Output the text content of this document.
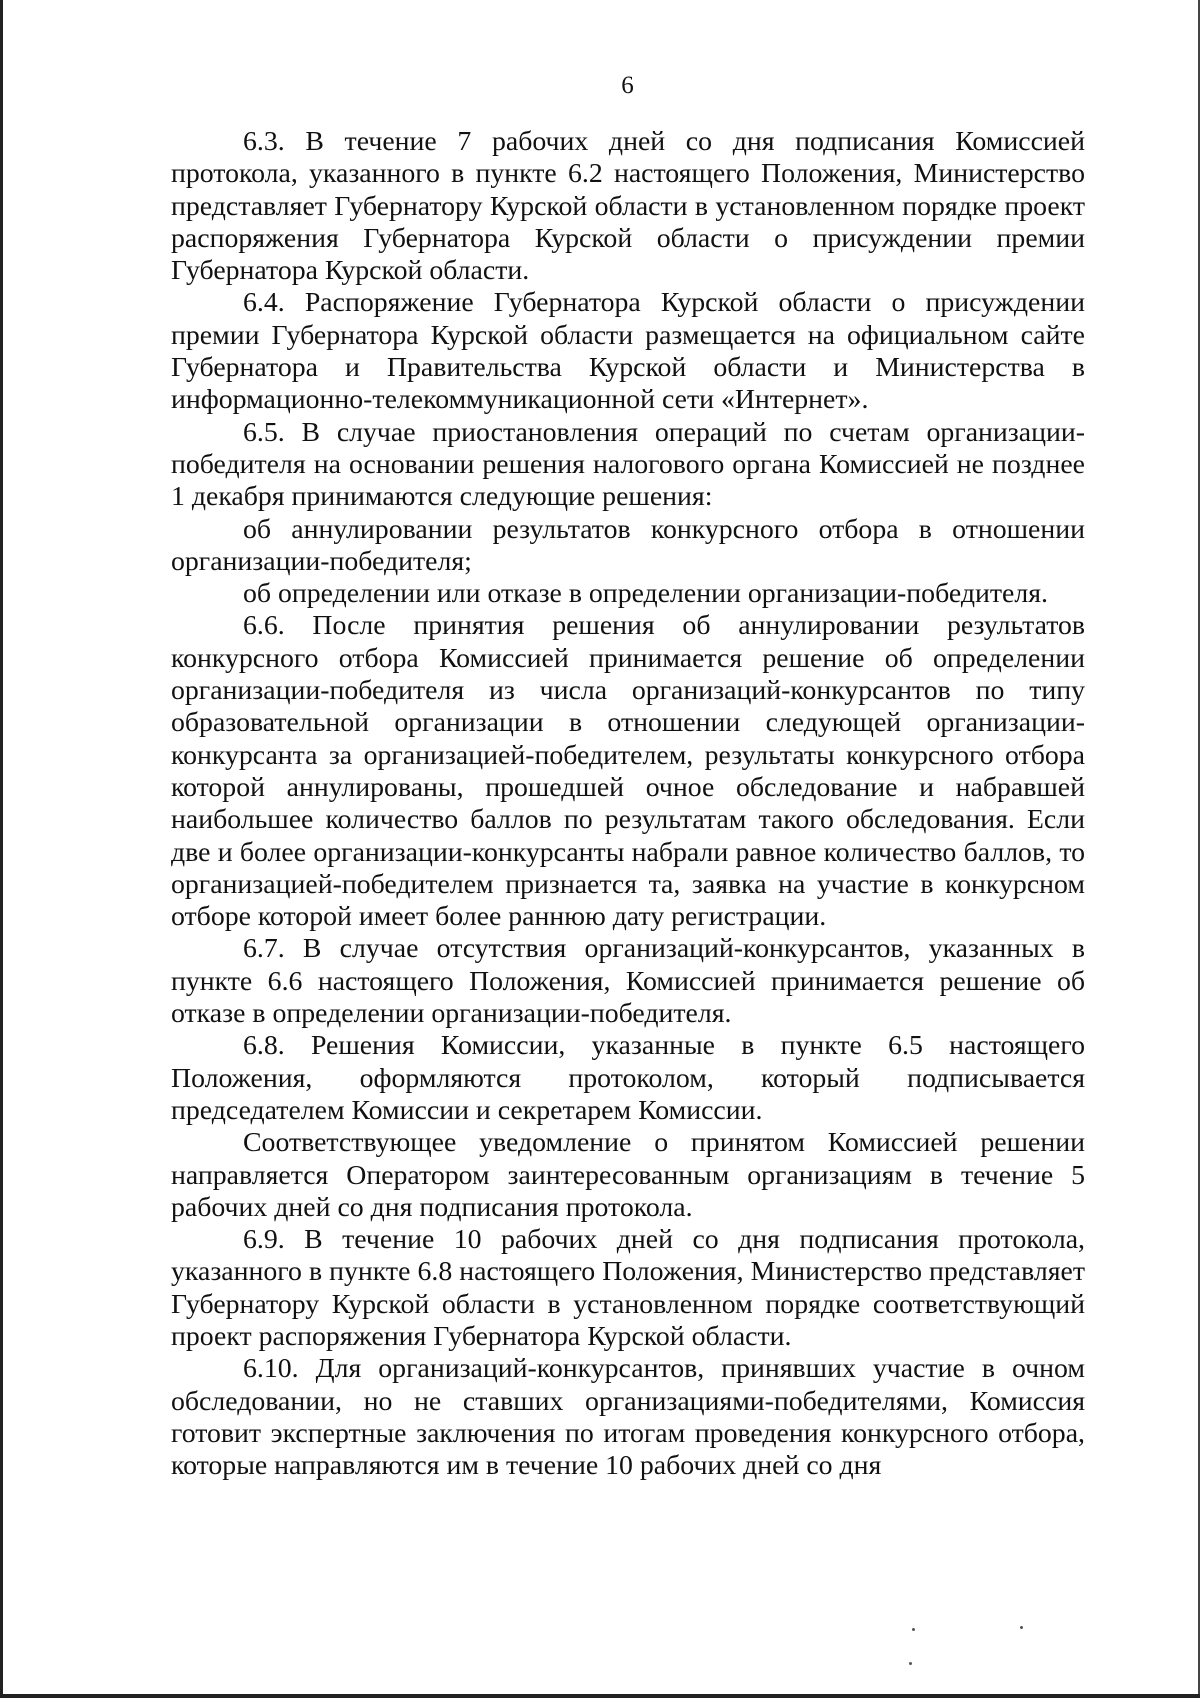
6

6.3. В течение 7 рабочих дней со дня подписания Комиссией протокола, указанного в пункте 6.2 настоящего Положения, Министерство представляет Губернатору Курской области в установленном порядке проект распоряжения Губернатора Курской области о присуждении премии Губернатора Курской области.

6.4. Распоряжение Губернатора Курской области о присуждении премии Губернатора Курской области размещается на официальном сайте Губернатора и Правительства Курской области и Министерства в информационно-телекоммуникационной сети «Интернет».

6.5. В случае приостановления операций по счетам организации-победителя на основании решения налогового органа Комиссией не позднее 1 декабря принимаются следующие решения:

об аннулировании результатов конкурсного отбора в отношении организации-победителя;

об определении или отказе в определении организации-победителя.

6.6. После принятия решения об аннулировании результатов конкурсного отбора Комиссией принимается решение об определении организации-победителя из числа организаций-конкурсантов по типу образовательной организации в отношении следующей организации-конкурсанта за организацией-победителем, результаты конкурсного отбора которой аннулированы, прошедшей очное обследование и набравшей наибольшее количество баллов по результатам такого обследования. Если две и более организации-конкурсанты набрали равное количество баллов, то организацией-победителем признается та, заявка на участие в конкурсном отборе которой имеет более раннюю дату регистрации.

6.7. В случае отсутствия организаций-конкурсантов, указанных в пункте 6.6 настоящего Положения, Комиссией принимается решение об отказе в определении организации-победителя.

6.8. Решения Комиссии, указанные в пункте 6.5 настоящего Положения, оформляются протоколом, который подписывается председателем Комиссии и секретарем Комиссии.

Соответствующее уведомление о принятом Комиссией решении направляется Оператором заинтересованным организациям в течение 5 рабочих дней со дня подписания протокола.

6.9. В течение 10 рабочих дней со дня подписания протокола, указанного в пункте 6.8 настоящего Положения, Министерство представляет Губернатору Курской области в установленном порядке соответствующий проект распоряжения Губернатора Курской области.

6.10. Для организаций-конкурсантов, принявших участие в очном обследовании, но не ставших организациями-победителями, Комиссия готовит экспертные заключения по итогам проведения конкурсного отбора, которые направляются им в течение 10 рабочих дней со дня
